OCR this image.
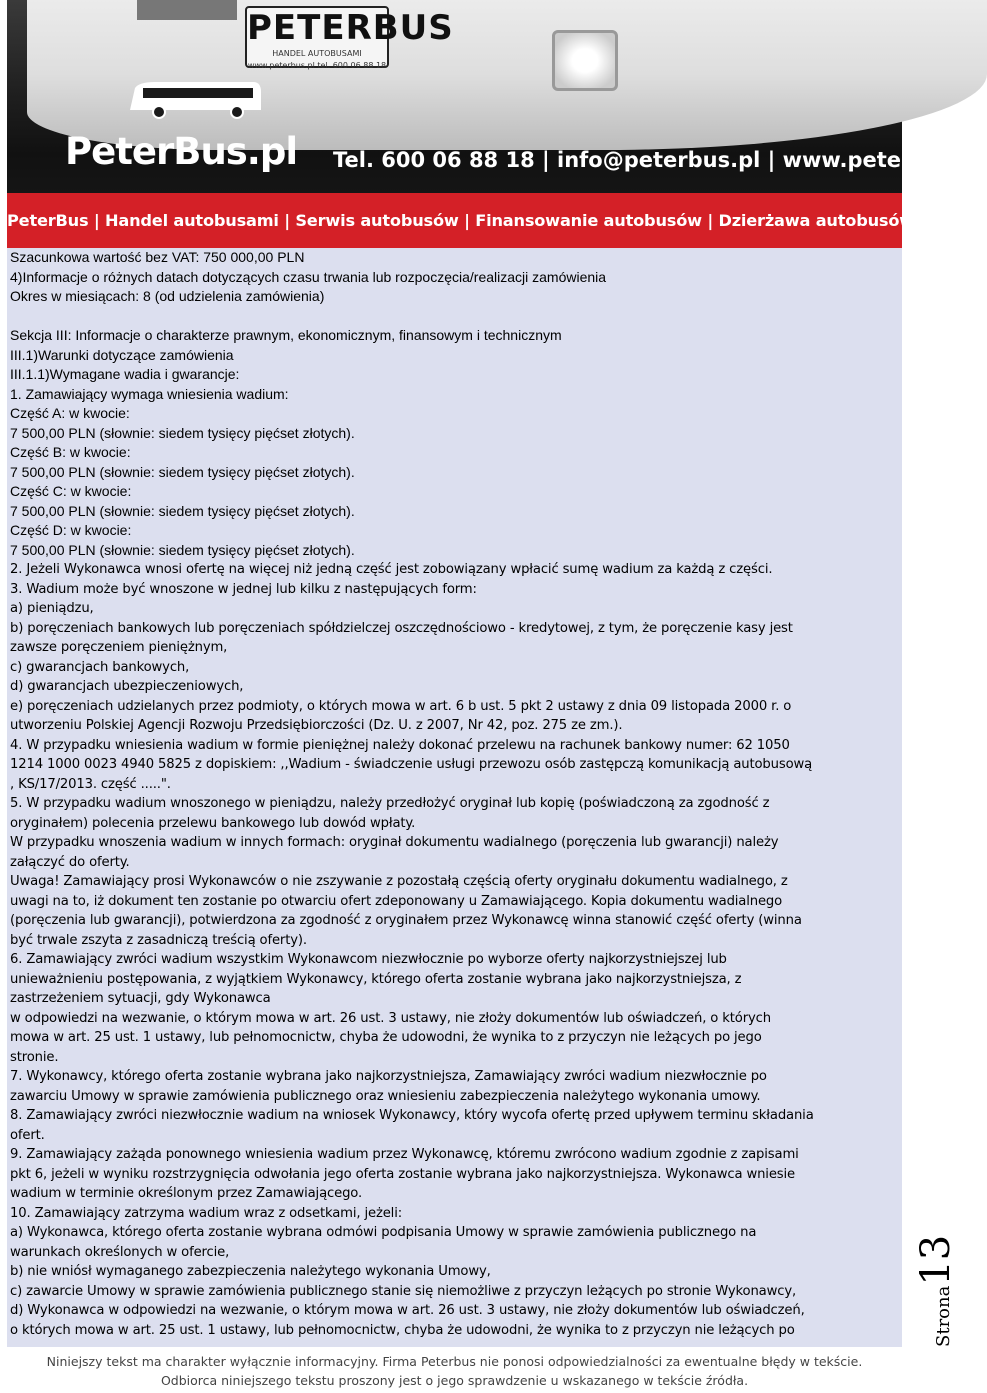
PETERBUS
HANDEL AUTOBUSAMI www.peterbus.pl tel. 600 06 88 18
PeterBus.pl Tel. 600 06 88 18 | info@peterbus.pl | www.peterbus.pl
PeterBus | Handel autobusami | Serwis autobusów | Finansowanie autobusów | Dzierżawa autobusów
Szacunkowa wartość bez VAT: 750 000,00 PLN
4)Informacje o różnych datach dotyczących czasu trwania lub rozpoczęcia/realizacji zamówienia
Okres w miesiącach: 8 (od udzielenia zamówienia)
Sekcja III: Informacje o charakterze prawnym, ekonomicznym, finansowym i technicznym
III.1)Warunki dotyczące zamówienia
III.1.1)Wymagane wadia i gwarancje:
1. Zamawiający wymaga wniesienia wadium:
Część A: w kwocie:
7 500,00 PLN (słownie: siedem tysięcy pięćset złotych).
Część B: w kwocie:
7 500,00 PLN (słownie: siedem tysięcy pięćset złotych).
Część C: w kwocie:
7 500,00 PLN (słownie: siedem tysięcy pięćset złotych).
Część D: w kwocie:
7 500,00 PLN (słownie: siedem tysięcy pięćset złotych).
2. Jeżeli Wykonawca wnosi ofertę na więcej niż jedną część jest zobowiązany wpłacić sumę wadium za każdą z części.
3. Wadium może być wnoszone w jednej lub kilku z następujących form:
a) pieniądzu,
b) poręczeniach bankowych lub poręczeniach spółdzielczej oszczędnościowo - kredytowej, z tym, że poręczenie kasy jest
zawsze poręczeniem pieniężnym,
c) gwarancjach bankowych,
d) gwarancjach ubezpieczeniowych,
e) poręczeniach udzielanych przez podmioty, o których mowa w art. 6 b ust. 5 pkt 2 ustawy z dnia 09 listopada 2000 r. o
utworzeniu Polskiej Agencji Rozwoju Przedsiębiorczości (Dz. U. z 2007, Nr 42, poz. 275 ze zm.).
4. W przypadku wniesienia wadium w formie pieniężnej należy dokonać przelewu na rachunek bankowy numer: 62 1050
1214 1000 0023 4940 5825 z dopiskiem: ,,Wadium - świadczenie usługi przewozu osób zastępczą komunikacją autobusową
, KS/17/2013. część .....".
5. W przypadku wadium wnoszonego w pieniądzu, należy przedłożyć oryginał lub kopię (poświadczoną za zgodność z
oryginałem) polecenia przelewu bankowego lub dowód wpłaty.
W przypadku wnoszenia wadium w innych formach: oryginał dokumentu wadialnego (poręczenia lub gwarancji) należy
załączyć do oferty.
Uwaga! Zamawiający prosi Wykonawców o nie zszywanie z pozostałą częścią oferty oryginału dokumentu wadialnego, z
uwagi na to, iż dokument ten zostanie po otwarciu ofert zdeponowany u Zamawiającego. Kopia dokumentu wadialnego
(poręczenia lub gwarancji), potwierdzona za zgodność z oryginałem przez Wykonawcę winna stanowić część oferty (winna
być trwale zszyta z zasadniczą treścią oferty).
6. Zamawiający zwróci wadium wszystkim Wykonawcom niezwłocznie po wyborze oferty najkorzystniejszej lub
unieważnieniu postępowania, z wyjątkiem Wykonawcy, którego oferta zostanie wybrana jako najkorzystniejsza, z
zastrzeżeniem sytuacji, gdy Wykonawca
w odpowiedzi na wezwanie, o którym mowa w art. 26 ust. 3 ustawy, nie złoży dokumentów lub oświadczeń, o których
mowa w art. 25 ust. 1 ustawy, lub pełnomocnictw, chyba że udowodni, że wynika to z przyczyn nie leżących po jego
stronie.
7. Wykonawcy, którego oferta zostanie wybrana jako najkorzystniejsza, Zamawiający zwróci wadium niezwłocznie po
zawarciu Umowy w sprawie zamówienia publicznego oraz wniesieniu zabezpieczenia należytego wykonania umowy.
8. Zamawiający zwróci niezwłocznie wadium na wniosek Wykonawcy, który wycofa ofertę przed upływem terminu składania
ofert.
9. Zamawiający zażąda ponownego wniesienia wadium przez Wykonawcę, któremu zwrócono wadium zgodnie z zapisami
pkt 6, jeżeli w wyniku rozstrzygnięcia odwołania jego oferta zostanie wybrana jako najkorzystniejsza. Wykonawca wniesie
wadium w terminie określonym przez Zamawiającego.
10. Zamawiający zatrzyma wadium wraz z odsetkami, jeżeli:
a) Wykonawca, którego oferta zostanie wybrana odmówi podpisania Umowy w sprawie zamówienia publicznego na
warunkach określonych w ofercie,
b) nie wniósł wymaganego zabezpieczenia należytego wykonania Umowy,
c) zawarcie Umowy w sprawie zamówienia publicznego stanie się niemożliwe z przyczyn leżących po stronie Wykonawcy,
d) Wykonawca w odpowiedzi na wezwanie, o którym mowa w art. 26 ust. 3 ustawy, nie złoży dokumentów lub oświadczeń,
o których mowa w art. 25 ust. 1 ustawy, lub pełnomocnictw, chyba że udowodni, że wynika to z przyczyn nie leżących po	Strona13
Niniejszy tekst ma charakter wyłącznie informacyjny. Firma Peterbus nie ponosi odpowiedzialności za ewentualne błędy w tekście.
Odbiorca niniejszego tekstu proszony jest o jego sprawdzenie u wskazanego w tekście źródła.
